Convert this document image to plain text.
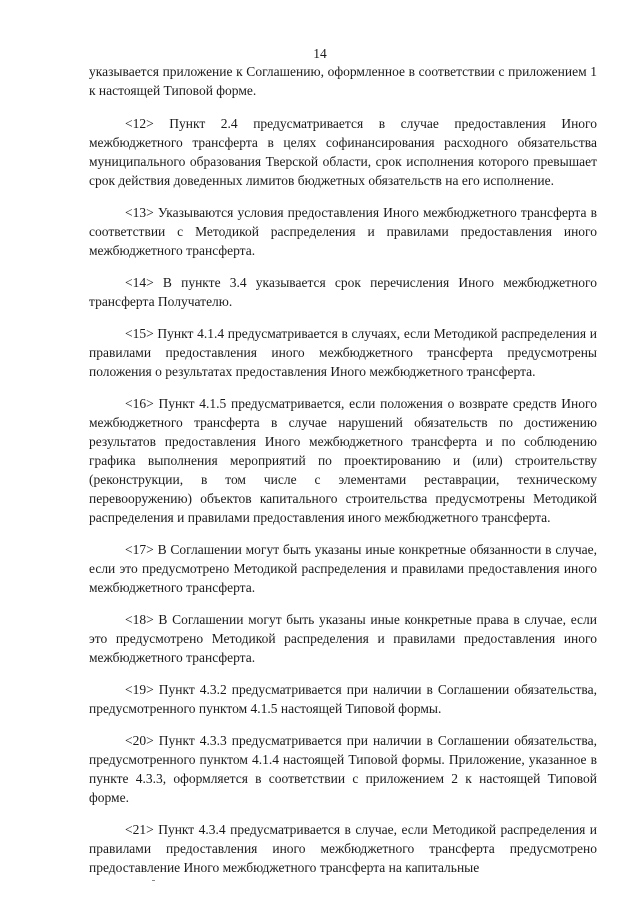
14

указывается приложение к Соглашению, оформленное в соответствии с приложением 1 к настоящей Типовой форме.

<12> Пункт 2.4 предусматривается в случае предоставления Иного межбюджетного трансферта в целях софинансирования расходного обязательства муниципального образования Тверской области, срок исполнения которого превышает срок действия доведенных лимитов бюджетных обязательств на его исполнение.

<13> Указываются условия предоставления Иного межбюджетного трансферта в соответствии с Методикой распределения и правилами предоставления иного межбюджетного трансферта.

<14> В пункте 3.4 указывается срок перечисления Иного межбюджетного трансферта Получателю.

<15> Пункт 4.1.4 предусматривается в случаях, если Методикой распределения и правилами предоставления иного межбюджетного трансферта предусмотрены положения о результатах предоставления Иного межбюджетного трансферта.

<16> Пункт 4.1.5 предусматривается, если положения о возврате средств Иного межбюджетного трансферта в случае нарушений обязательств по достижению результатов предоставления Иного межбюджетного трансферта и по соблюдению графика выполнения мероприятий по проектированию и (или) строительству (реконструкции, в том числе с элементами реставрации, техническому перевооружению) объектов капитального строительства предусмотрены Методикой распределения и правилами предоставления иного межбюджетного трансферта.

<17> В Соглашении могут быть указаны иные конкретные обязанности в случае, если это предусмотрено Методикой распределения и правилами предоставления иного межбюджетного трансферта.

<18> В Соглашении могут быть указаны иные конкретные права в случае, если это предусмотрено Методикой распределения и правилами предоставления иного межбюджетного трансферта.

<19> Пункт 4.3.2 предусматривается при наличии в Соглашении обязательства, предусмотренного пунктом 4.1.5 настоящей Типовой формы.

<20> Пункт 4.3.3 предусматривается при наличии в Соглашении обязательства, предусмотренного пунктом 4.1.4 настоящей Типовой формы. Приложение, указанное в пункте 4.3.3, оформляется в соответствии с приложением 2 к настоящей Типовой форме.

<21> Пункт 4.3.4 предусматривается в случае, если Методикой распределения и правилами предоставления иного межбюджетного трансферта предусмотрено предоставление Иного межбюджетного трансферта на капитальные
